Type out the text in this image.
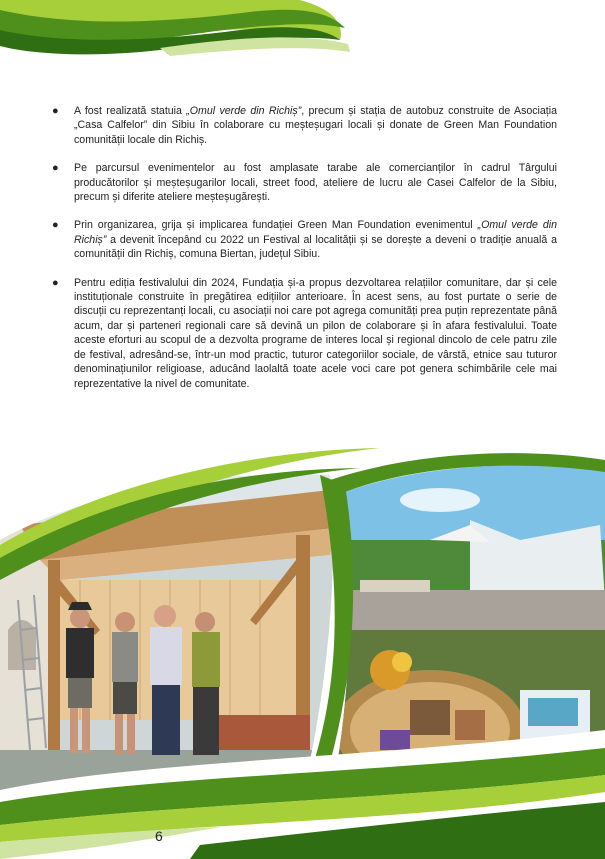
●	A fost realizată statuia „Omul verde din Richiș”, precum și stația de autobuz construite de Asociația „Casa Calfelor” din Sibiu în colaborare cu meșteșugari locali și donate de Green Man Foundation comunității locale din Richiș.
●	Pe parcursul evenimentelor au fost amplasate tarabe ale comercianților în cadrul Târgului producătorilor și meșteșugarilor locali, street food, ateliere de lucru ale Casei Calfelor de la Sibiu, precum și diferite ateliere meșteșugărești.
●	Prin organizarea, grija și implicarea fundației Green Man Foundation evenimentul „Omul verde din Richiș” a devenit începând cu 2022 un Festival al localității și se dorește a deveni o tradiție anuală a comunității din Richiș, comuna Biertan, județul Sibiu.
●	Pentru ediția festivalului din 2024, Fundația și-a propus dezvoltarea relațiilor comunitare, dar și cele instituționale construite în pregătirea edițiilor anterioare. În acest sens, au fost purtate o serie de discuții cu reprezentanți locali, cu asociații noi care pot agrega comunități prea puțin reprezentate până acum, dar și parteneri regionali care să devină un pilon de colaborare și în afara festivalului. Toate aceste eforturi au scopul de a dezvolta programe de interes local și regional dincolo de cele patru zile de festival, adresând-se, într-un mod practic, tuturor categoriilor sociale, de vârstă, etnice sau tuturor denominațiunilor religioase, aducând laolaltă toate acele voci care pot genera schimbările cele mai reprezentative la nivel de comunitate.
6
